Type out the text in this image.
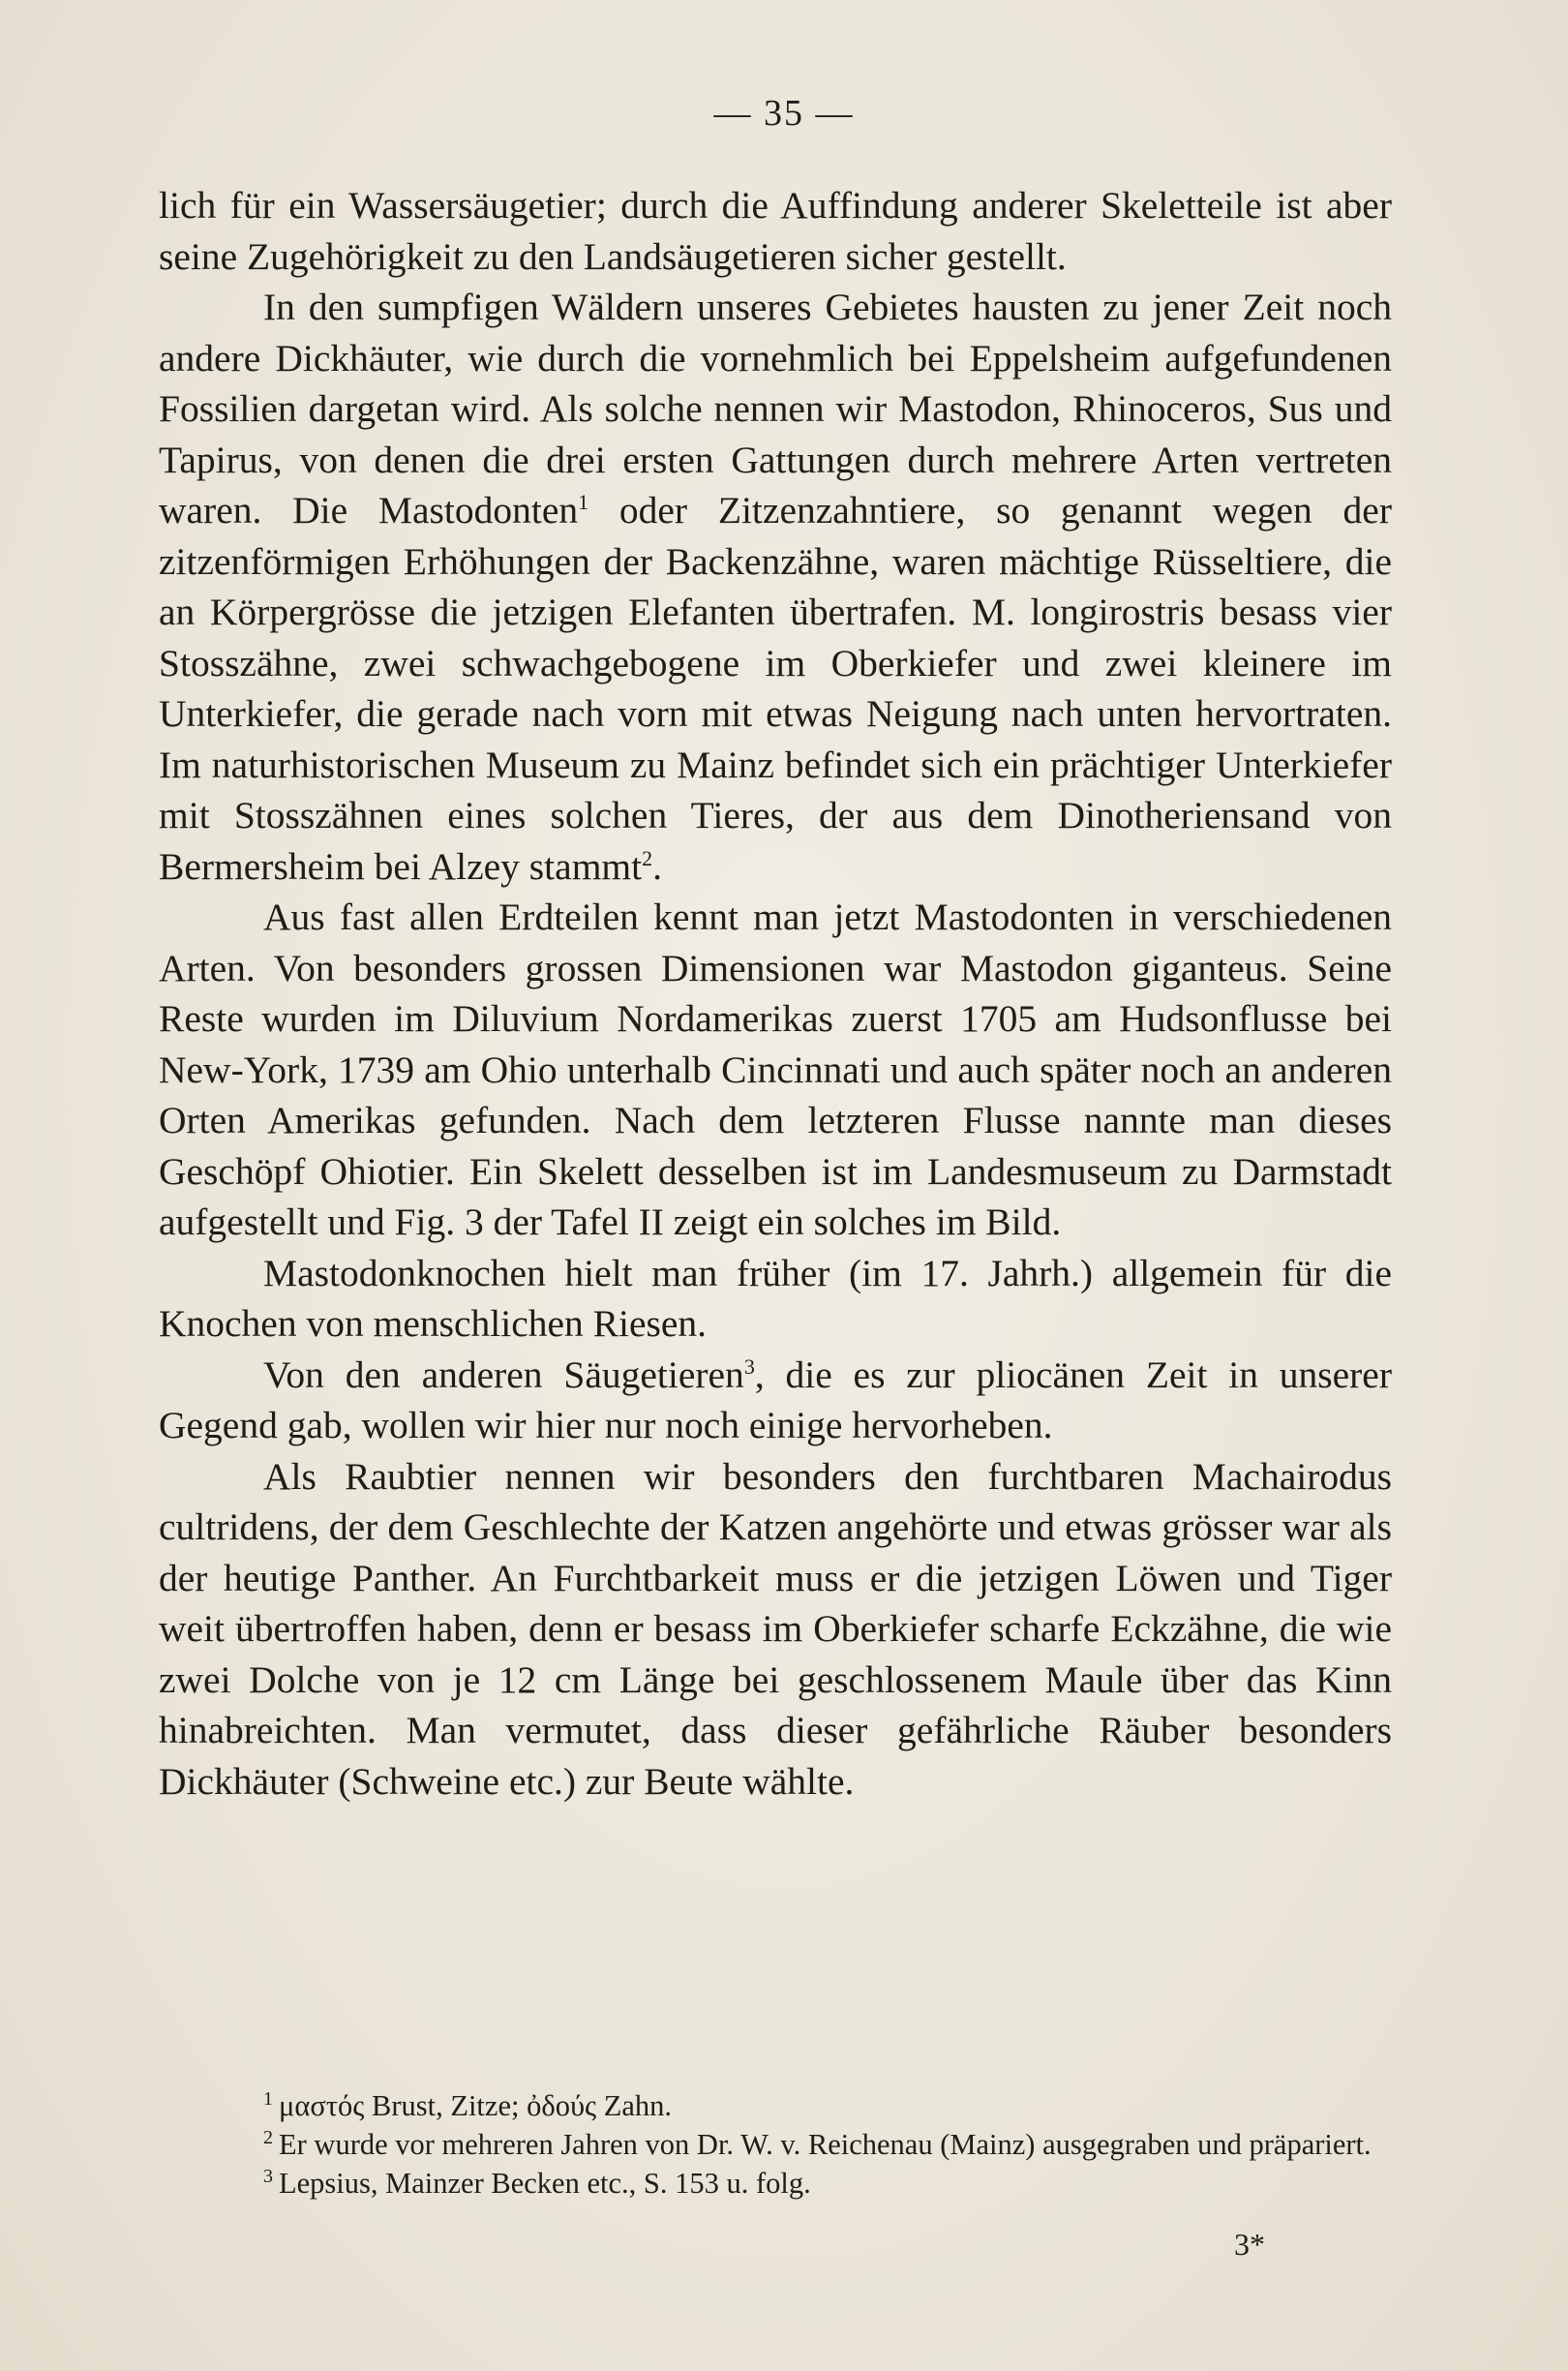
— 35 —

lich für ein Wassersäugetier; durch die Auffindung anderer Skeletteile ist aber seine Zugehörigkeit zu den Landsäugetieren sicher gestellt.

In den sumpfigen Wäldern unseres Gebietes hausten zu jener Zeit noch andere Dickhäuter, wie durch die vornehmlich bei Eppelsheim aufgefundenen Fossilien dargetan wird. Als solche nennen wir Mastodon, Rhinoceros, Sus und Tapirus, von denen die drei ersten Gattungen durch mehrere Arten vertreten waren. Die Mastodonten$^1$ oder Zitzenzahntiere, so genannt wegen der zitzenförmigen Erhöhungen der Backenzähne, waren mächtige Rüsseltiere, die an Körpergrösse die jetzigen Elefanten übertrafen. M. longirostris besass vier Stosszähne, zwei schwachgebogene im Oberkiefer und zwei kleinere im Unterkiefer, die gerade nach vorn mit etwas Neigung nach unten hervortraten. Im naturhistorischen Museum zu Mainz befindet sich ein prächtiger Unterkiefer mit Stosszähnen eines solchen Tieres, der aus dem Dinotheriensand von Bermersheim bei Alzey stammt$^2$.

Aus fast allen Erdteilen kennt man jetzt Mastodonten in verschiedenen Arten. Von besonders grossen Dimensionen war Mastodon giganteus. Seine Reste wurden im Diluvium Nordamerikas zuerst 1705 am Hudsonflusse bei New-York, 1739 am Ohio unterhalb Cincinnati und auch später noch an anderen Orten Amerikas gefunden. Nach dem letzteren Flusse nannte man dieses Geschöpf Ohiotier. Ein Skelett desselben ist im Landesmuseum zu Darmstadt aufgestellt und Fig. 3 der Tafel II zeigt ein solches im Bild.

Mastodonknochen hielt man früher (im 17. Jahrh.) allgemein für die Knochen von menschlichen Riesen.

Von den anderen Säugetieren$^3$, die es zur pliocänen Zeit in unserer Gegend gab, wollen wir hier nur noch einige hervorheben.

Als Raubtier nennen wir besonders den furchtbaren Machairodus cultridens, der dem Geschlechte der Katzen angehörte und etwas grösser war als der heutige Panther. An Furchtbarkeit muss er die jetzigen Löwen und Tiger weit übertroffen haben, denn er besass im Oberkiefer scharfe Eckzähne, die wie zwei Dolche von je 12 cm Länge bei geschlossenem Maule über das Kinn hinabreichten. Man vermutet, dass dieser gefährliche Räuber besonders Dickhäuter (Schweine etc.) zur Beute wählte.

$^1$ μαστός Brust, Zitze; ὀδούς Zahn.

$^2$ Er wurde vor mehreren Jahren von Dr. W. v. Reichenau (Mainz) ausgegraben und präpariert.

$^3$ Lepsius, Mainzer Becken etc., S. 153 u. folg.

3*
